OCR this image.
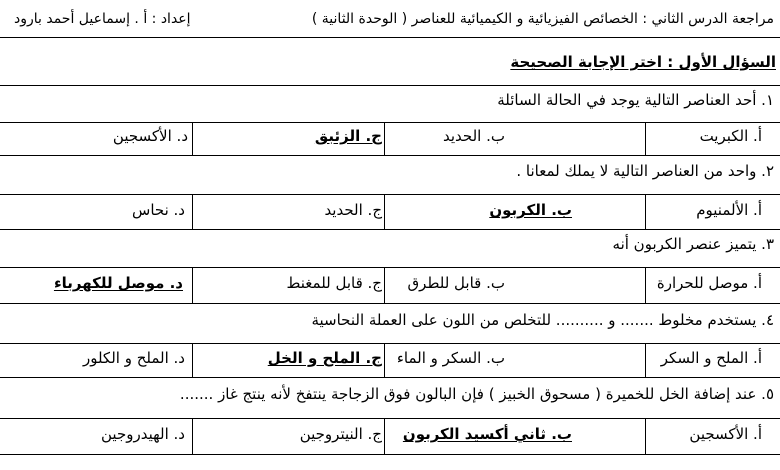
مراجعة الدرس الثاني : الخصائص الفيزيائية و الكيميائية للعناصر ( الوحدة الثانية )
إعداد : أ . إسماعيل أحمد بارود
السؤال الأول : اختر الإجابة الصحيحة
١. أحد العناصر التالية يوجد في الحالة السائلة
أ. الكبريت
ب. الحديد
ج. الزئبق
د. الأكسجين
٢. واحد من العناصر التالية لا يملك لمعانا .
أ. الألمنيوم
ب. الكربون
ج. الحديد
د. نحاس
٣. يتميز عنصر الكربون أنه
أ. موصل للحرارة
ب. قابل للطرق
ج. قابل للمغنط
د. موصل للكهرباء
٤. يستخدم مخلوط ....... و .......... للتخلص من اللون على العملة النحاسية
أ. الملح و السكر
ب. السكر و الماء
ج. الملح و الخل
د. الملح و الكلور
٥. عند إضافة الخل للخميرة ( مسحوق الخبيز ) فإن البالون فوق الزجاجة ينتفخ لأنه ينتج غاز .......
أ. الأكسجين
ب. ثاني أكسيد الكربون
ج. النيتروجين
د. الهيدروجين
